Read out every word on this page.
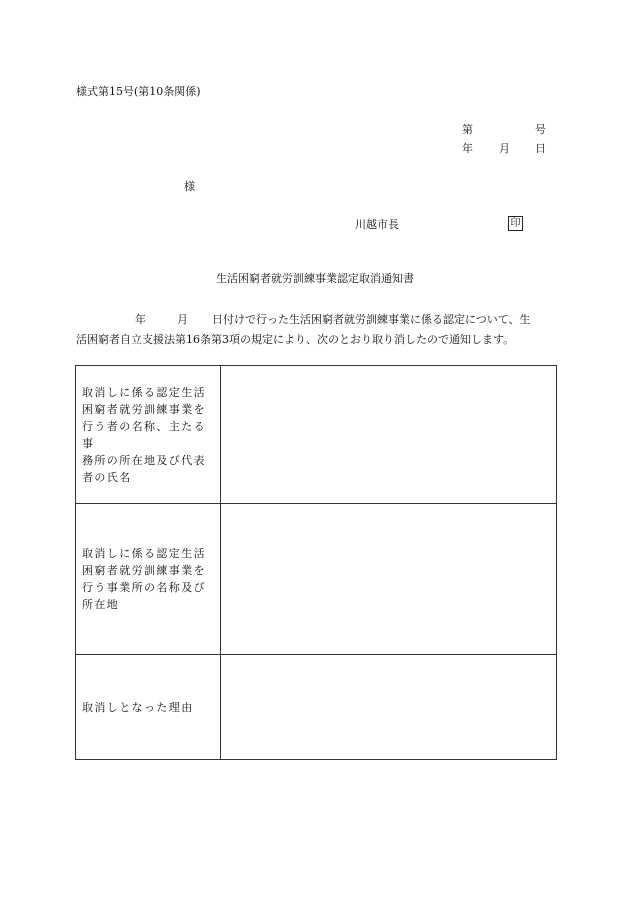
様式第15号(第10条関係)
第	号
年 月 日
様
川越市長	印
生活困窮者就労訓練事業認定取消通知書
年	月 日付けで行った生活困窮者就労訓練事業に係る認定について、生
活困窮者自立支援法第16条第3項の規定により、次のとおり取り消したので通知します。
取消しに係る認定生活
困窮者就労訓練事業を
行う者の名称、主たる事
務所の所在地及び代表
者の氏名
取消しに係る認定生活
困窮者就労訓練事業を
行う事業所の名称及び
所在地
取消しとなった理由
